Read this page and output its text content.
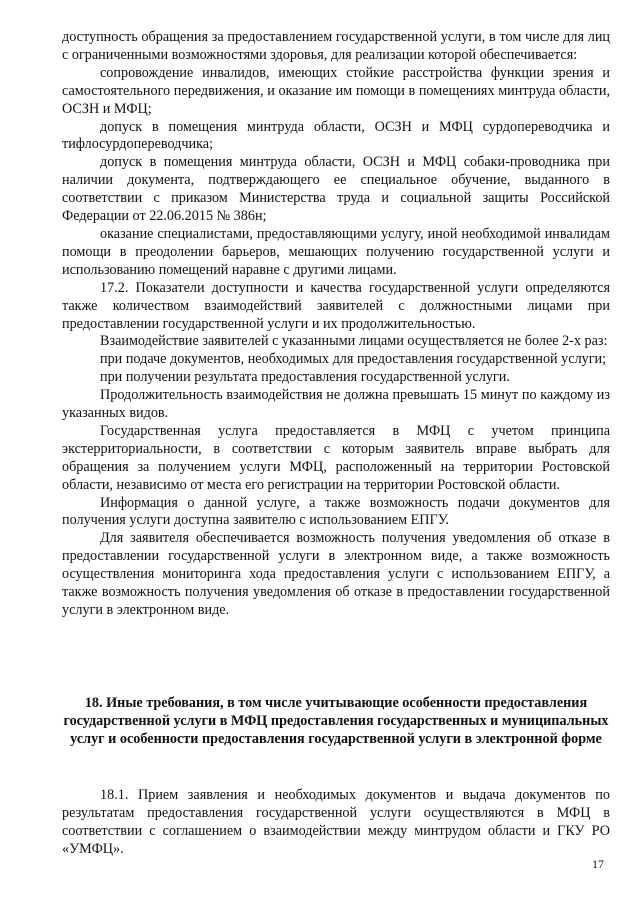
доступность обращения за предоставлением государственной услуги, в том числе для лиц с ограниченными возможностями здоровья, для реализации которой обеспечивается:

сопровождение инвалидов, имеющих стойкие расстройства функции зрения и самостоятельного передвижения, и оказание им помощи в помещениях минтруда области, ОСЗН и МФЦ;

допуск в помещения минтруда области, ОСЗН и МФЦ сурдопереводчика и тифлосурдопереводчика;

допуск в помещения минтруда области, ОСЗН и МФЦ собаки-проводника при наличии документа, подтверждающего ее специальное обучение, выданного в соответствии с приказом Министерства труда и социальной защиты Российской Федерации от 22.06.2015 № 386н;

оказание специалистами, предоставляющими услугу, иной необходимой инвалидам помощи в преодолении барьеров, мешающих получению государственной услуги и использованию помещений наравне с другими лицами.

17.2. Показатели доступности и качества государственной услуги определяются также количеством взаимодействий заявителей с должностными лицами при предоставлении государственной услуги и их продолжительностью.

Взаимодействие заявителей с указанными лицами осуществляется не более 2-х раз:

при подаче документов, необходимых для предоставления государственной услуги;

при получении результата предоставления государственной услуги.

Продолжительность взаимодействия не должна превышать 15 минут по каждому из указанных видов.

Государственная услуга предоставляется в МФЦ с учетом принципа экстерриториальности, в соответствии с которым заявитель вправе выбрать для обращения за получением услуги МФЦ, расположенный на территории Ростовской области, независимо от места его регистрации на территории Ростовской области.

Информация о данной услуге, а также возможность подачи документов для получения услуги доступна заявителю с использованием ЕПГУ.

Для заявителя обеспечивается возможность получения уведомления об отказе в предоставлении государственной услуги в электронном виде, а также возможность осуществления мониторинга хода предоставления услуги с использованием ЕПГУ, а также возможность получения уведомления об отказе в предоставлении государственной услуги в электронном виде.

18. Иные требования, в том числе учитывающие особенности предоставления государственной услуги в МФЦ предоставления государственных и муниципальных услуг и особенности предоставления государственной услуги в электронной форме

18.1. Прием заявления и необходимых документов и выдача документов по результатам предоставления государственной услуги осуществляются в МФЦ в соответствии с соглашением о взаимодействии между минтрудом области и ГКУ РО «УМФЦ».

17
